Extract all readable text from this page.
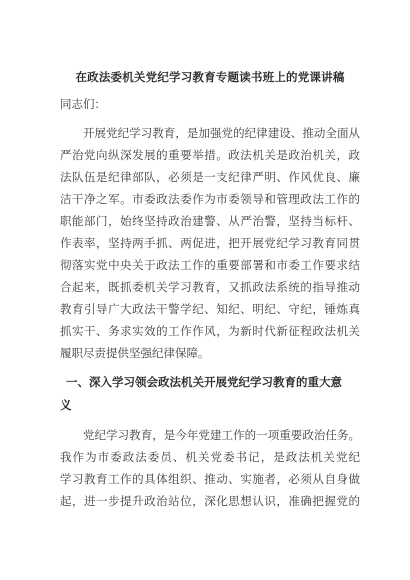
在政法委机关党纪学习教育专题读书班上的党课讲稿
同志们：
开展党纪学习教育，是加强党的纪律建设、推动全面从
严治党向纵深发展的重要举措。政法机关是政治机关，政
法队伍是纪律部队，必须是一支纪律严明、作风优良、廉
洁干净之军。市委政法委作为市委领导和管理政法工作的
职能部门，始终坚持政治建警、从严治警，坚持当标杆、
作表率，坚持两手抓、两促进，把开展党纪学习教育同贯
彻落实党中央关于政法工作的重要部署和市委工作要求结
合起来，既抓委机关学习教育，又抓政法系统的指导推动
教育引导广大政法干警学纪、知纪、明纪、守纪，锤炼真
抓实干、务求实效的工作作风，为新时代新征程政法机关
履职尽责提供坚强纪律保障。
一、深入学习领会政法机关开展党纪学习教育的重大意
义
党纪学习教育，是今年党建工作的一项重要政治任务。
我作为市委政法委员、机关党委书记，是政法机关党纪
学习教育工作的具体组织、推动、实施者，必须从自身做
起，进一步提升政治站位，深化思想认识，准确把握党的
